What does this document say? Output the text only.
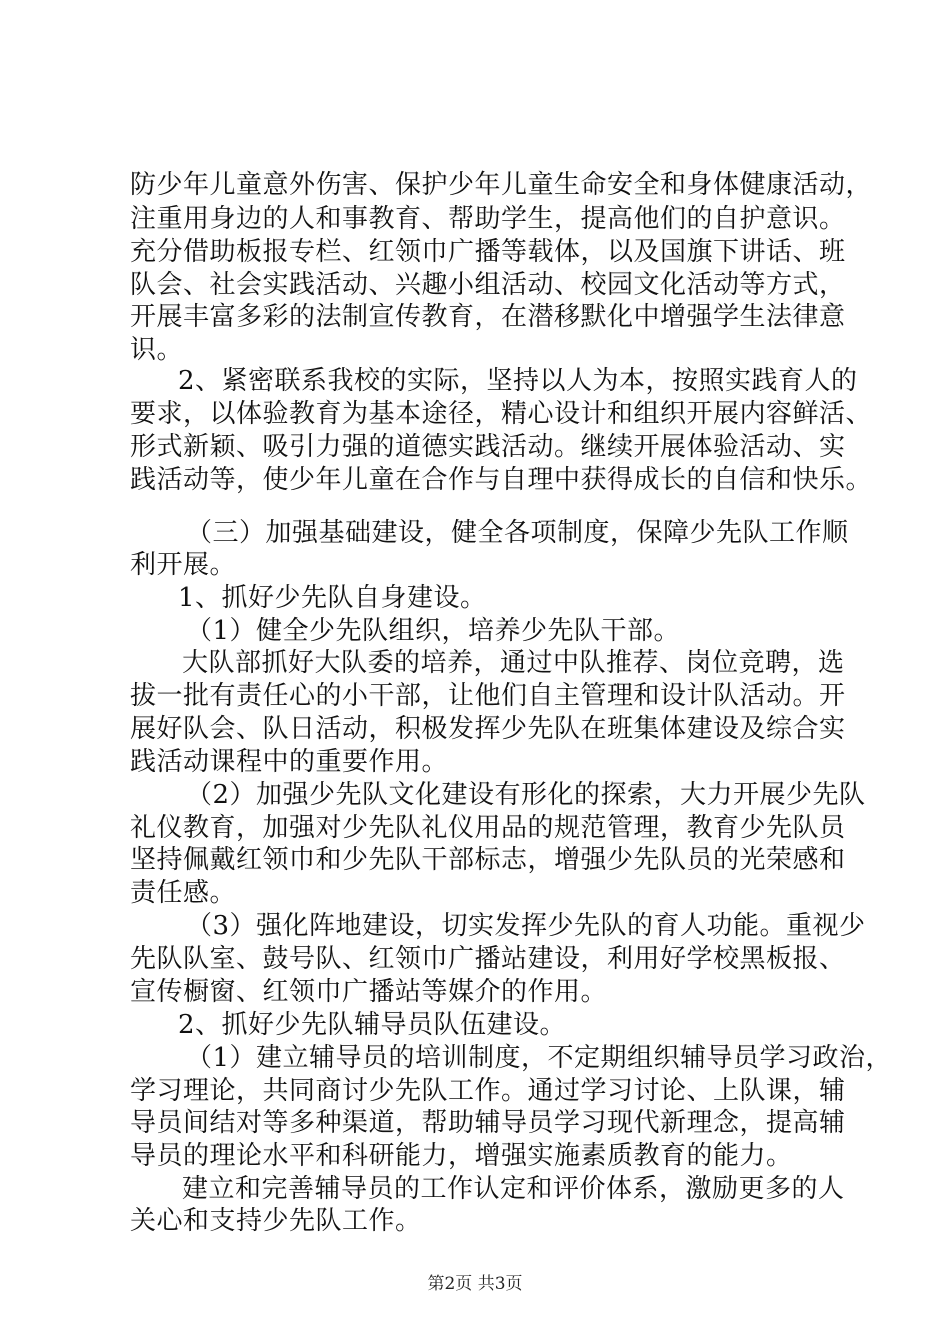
防少年儿童意外伤害、保护少年儿童生命安全和身体健康活动，
注重用身边的人和事教育、帮助学生，提高他们的自护意识。
充分借助板报专栏、红领巾广播等载体，以及国旗下讲话、班
队会、社会实践活动、兴趣小组活动、校园文化活动等方式，
开展丰富多彩的法制宣传教育，在潜移默化中增强学生法律意
识。
2、紧密联系我校的实际，坚持以人为本，按照实践育人的
要求，以体验教育为基本途径，精心设计和组织开展内容鲜活、
形式新颖、吸引力强的道德实践活动。继续开展体验活动、实
践活动等，使少年儿童在合作与自理中获得成长的自信和快乐。
（三）加强基础建设，健全各项制度，保障少先队工作顺
利开展。
1、抓好少先队自身建设。
（1）健全少先队组织，培养少先队干部。
大队部抓好大队委的培养，通过中队推荐、岗位竞聘，选
拔一批有责任心的小干部，让他们自主管理和设计队活动。开
展好队会、队日活动，积极发挥少先队在班集体建设及综合实
践活动课程中的重要作用。
（2）加强少先队文化建设有形化的探索，大力开展少先队
礼仪教育，加强对少先队礼仪用品的规范管理，教育少先队员
坚持佩戴红领巾和少先队干部标志，增强少先队员的光荣感和
责任感。
（3）强化阵地建设，切实发挥少先队的育人功能。重视少
先队队室、鼓号队、红领巾广播站建设，利用好学校黑板报、
宣传橱窗、红领巾广播站等媒介的作用。
2、抓好少先队辅导员队伍建设。
（1）建立辅导员的培训制度，不定期组织辅导员学习政治，
学习理论，共同商讨少先队工作。通过学习讨论、上队课，辅
导员间结对等多种渠道，帮助辅导员学习现代新理念，提高辅
导员的理论水平和科研能力，增强实施素质教育的能力。
建立和完善辅导员的工作认定和评价体系，激励更多的人
关心和支持少先队工作。
第2页 共3页
